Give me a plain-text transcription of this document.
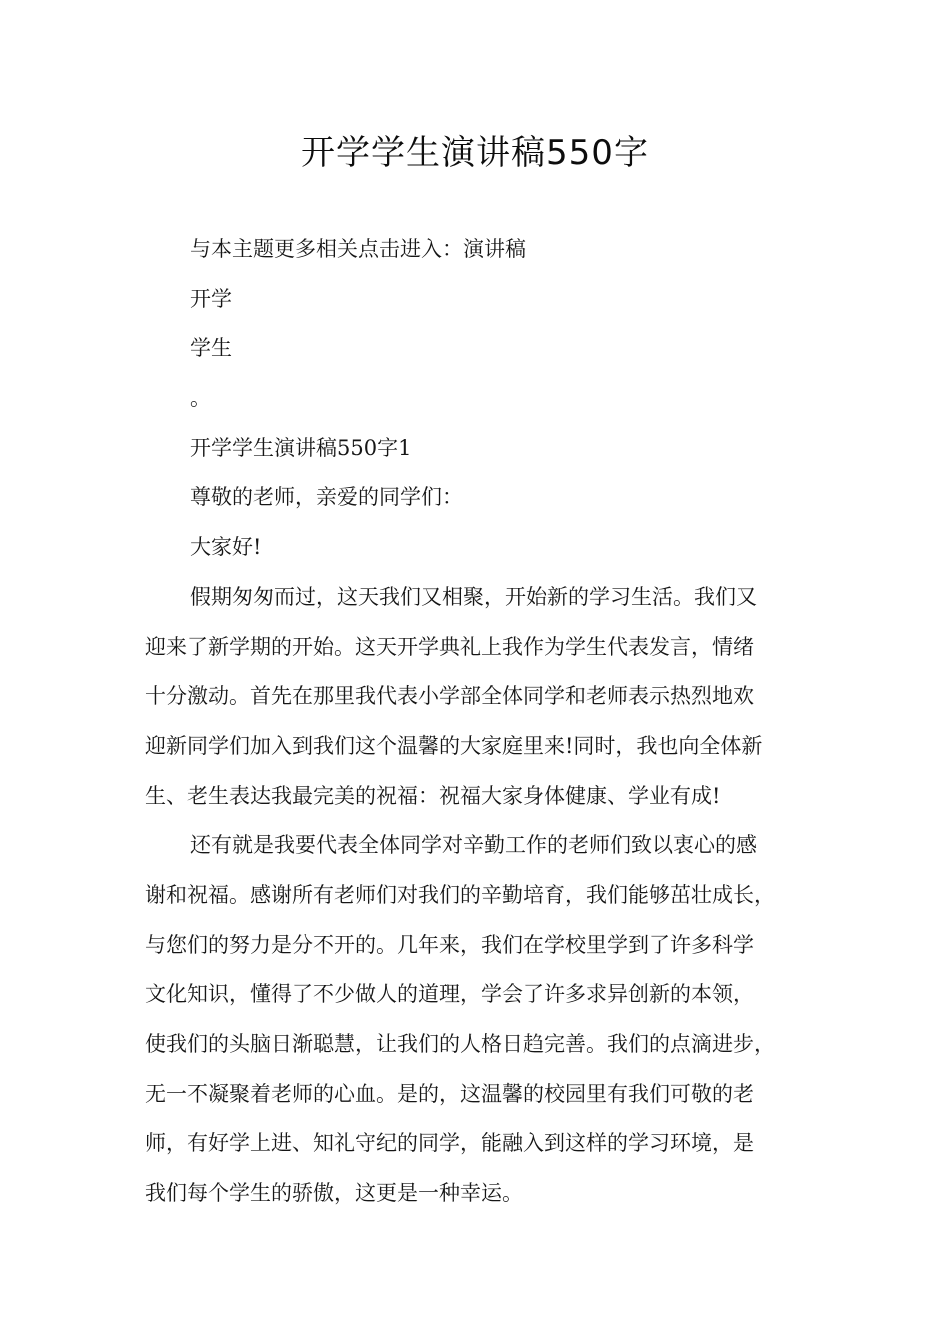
开学学生演讲稿550字
与本主题更多相关点击进入：演讲稿
开学
学生
。
开学学生演讲稿550字1
尊敬的老师，亲爱的同学们：
大家好!
假期匆匆而过，这天我们又相聚，开始新的学习生活。我们又
迎来了新学期的开始。这天开学典礼上我作为学生代表发言，情绪
十分激动。首先在那里我代表小学部全体同学和老师表示热烈地欢
迎新同学们加入到我们这个温馨的大家庭里来!同时，我也向全体新
生、老生表达我最完美的祝福：祝福大家身体健康、学业有成!
还有就是我要代表全体同学对辛勤工作的老师们致以衷心的感
谢和祝福。感谢所有老师们对我们的辛勤培育，我们能够茁壮成长，
与您们的努力是分不开的。几年来，我们在学校里学到了许多科学
文化知识，懂得了不少做人的道理，学会了许多求异创新的本领，
使我们的头脑日渐聪慧，让我们的人格日趋完善。我们的点滴进步，
无一不凝聚着老师的心血。是的，这温馨的校园里有我们可敬的老
师，有好学上进、知礼守纪的同学，能融入到这样的学习环境，是
我们每个学生的骄傲，这更是一种幸运。
